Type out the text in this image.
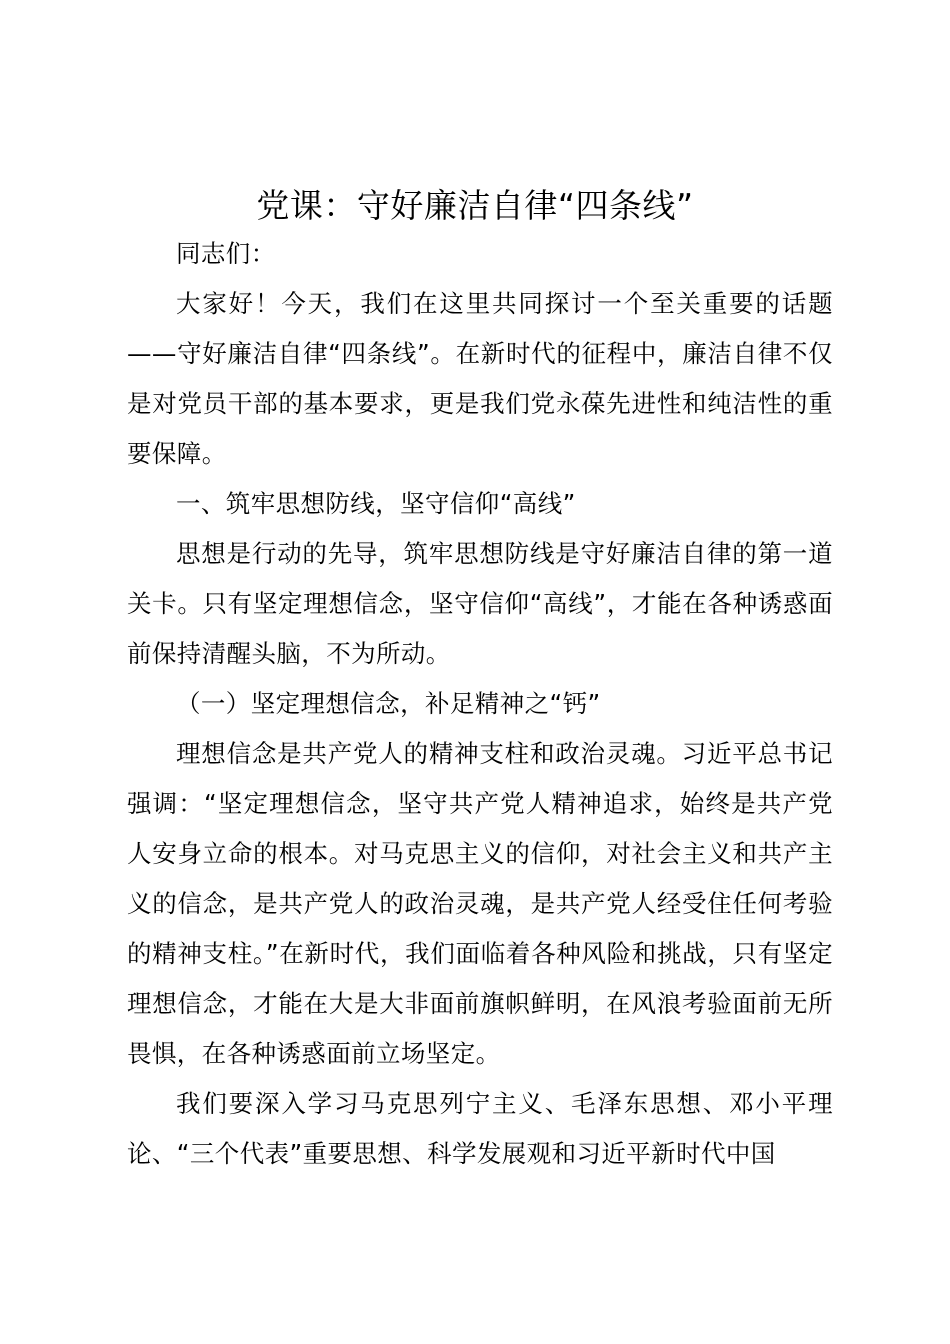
党课：守好廉洁自律“四条线”

同志们：

大家好！今天，我们在这里共同探讨一个至关重要的话题——守好廉洁自律“四条线”。在新时代的征程中，廉洁自律不仅是对党员干部的基本要求，更是我们党永葆先进性和纯洁性的重要保障。

一、筑牢思想防线，坚守信仰“高线”

思想是行动的先导，筑牢思想防线是守好廉洁自律的第一道关卡。只有坚定理想信念，坚守信仰“高线”，才能在各种诱惑面前保持清醒头脑，不为所动。

（一）坚定理想信念，补足精神之“钙”

理想信念是共产党人的精神支柱和政治灵魂。习近平总书记强调：“坚定理想信念，坚守共产党人精神追求，始终是共产党人安身立命的根本。对马克思主义的信仰，对社会主义和共产主义的信念，是共产党人的政治灵魂，是共产党人经受住任何考验的精神支柱。”在新时代，我们面临着各种风险和挑战，只有坚定理想信念，才能在大是大非面前旗帜鲜明，在风浪考验面前无所畏惧，在各种诱惑面前立场坚定。

我们要深入学习马克思列宁主义、毛泽东思想、邓小平理论、“三个代表”重要思想、科学发展观和习近平新时代中国
